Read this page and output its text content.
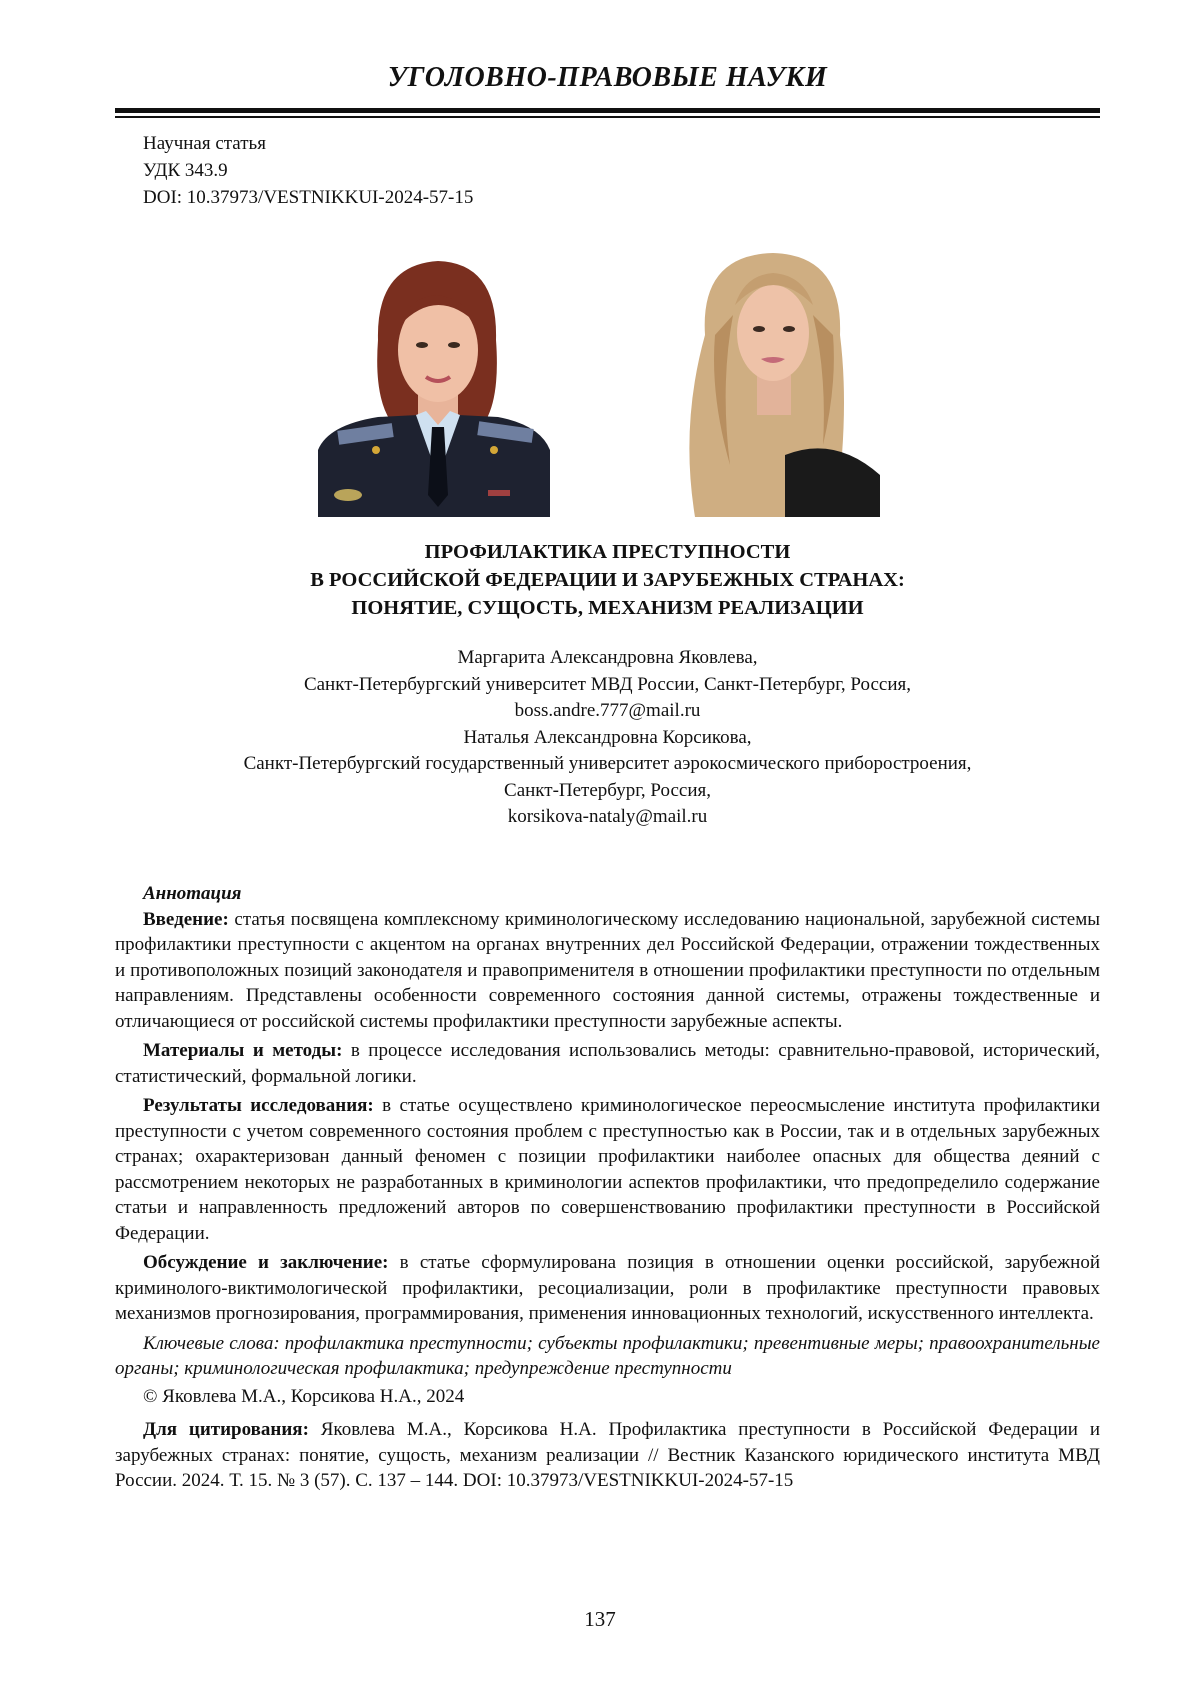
УГОЛОВНО-ПРАВОВЫЕ НАУКИ
Научная статья
УДК 343.9
DOI: 10.37973/VESTNIKKUI-2024-57-15
ПРОФИЛАКТИКА ПРЕСТУПНОСТИ
В РОССИЙСКОЙ ФЕДЕРАЦИИ И ЗАРУБЕЖНЫХ СТРАНАХ:
ПОНЯТИЕ, СУЩОСТЬ, МЕХАНИЗМ РЕАЛИЗАЦИИ
Маргарита Александровна Яковлева,
Санкт-Петербургский университет МВД России, Санкт-Петербург, Россия,
boss.andre.777@mail.ru
Наталья Александровна Корсикова,
Санкт-Петербургский государственный университет аэрокосмического приборостроения,
Санкт-Петербург, Россия,
korsikova-nataly@mail.ru
Аннотация

Введение: статья посвящена комплексному криминологическому исследованию национальной, зарубежной системы профилактики преступности с акцентом на органах внутренних дел Российской Федерации, отражении тождественных и противоположных позиций законодателя и правоприменителя в отношении профилактики преступности по отдельным направлениям. Представлены особенности современного состояния данной системы, отражены тождественные и отличающиеся от российской системы профилактики преступности зарубежные аспекты.

Материалы и методы: в процессе исследования использовались методы: сравнительно-правовой, исторический, статистический, формальной логики.

Результаты исследования: в статье осуществлено криминологическое переосмысление института профилактики преступности с учетом современного состояния проблем с преступностью как в России, так и в отдельных зарубежных странах; охарактеризован данный феномен с позиции профилактики наиболее опасных для общества деяний с рассмотрением некоторых не разработанных в криминологии аспектов профилактики, что предопределило содержание статьи и направленность предложений авторов по совершенствованию профилактики преступности в Российской Федерации.

Обсуждение и заключение: в статье сформулирована позиция в отношении оценки российской, зарубежной криминолого-виктимологической профилактики, ресоциализации, роли в профилактике преступности правовых механизмов прогнозирования, программирования, применения инновационных технологий, искусственного интеллекта.

Ключевые слова: профилактика преступности; субъекты профилактики; превентивные меры; правоохранительные органы; криминологическая профилактика; предупреждение преступности

© Яковлева М.А., Корсикова Н.А., 2024

Для цитирования: Яковлева М.А., Корсикова Н.А. Профилактика преступности в Российской Федерации и зарубежных странах: понятие, сущость, механизм реализации // Вестник Казанского юридического института МВД России. 2024. Т. 15. № 3 (57). С. 137 – 144. DOI: 10.37973/VESTNIKKUI-2024-57-15

137
